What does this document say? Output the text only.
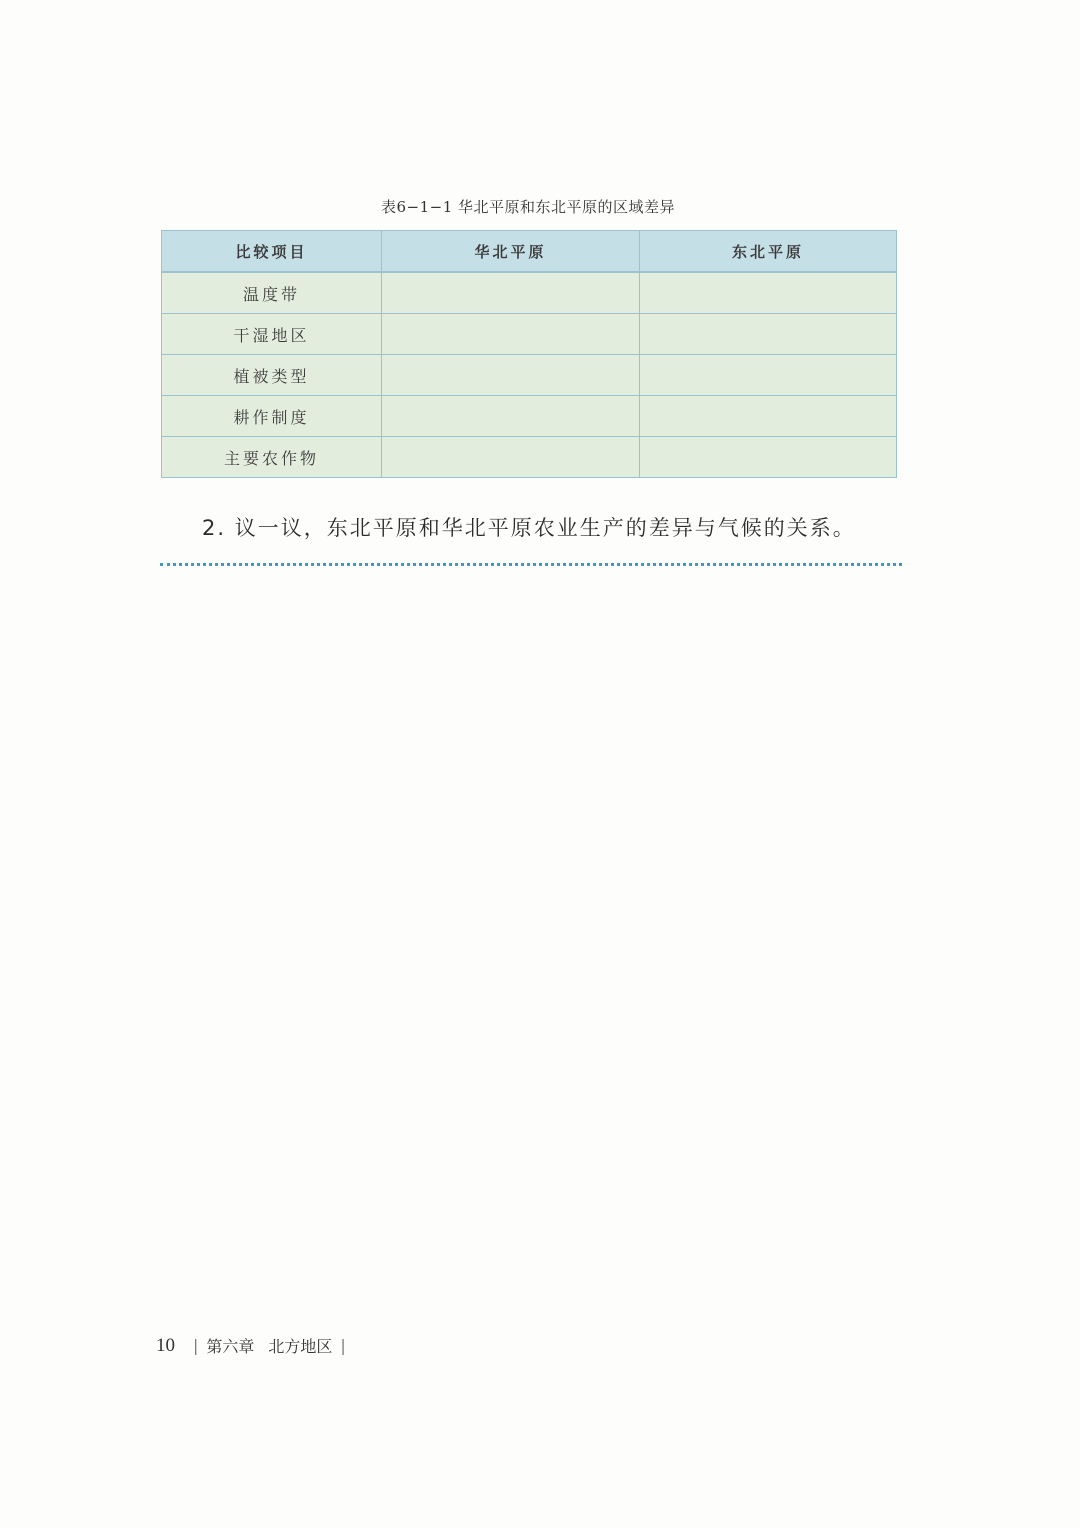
表6−1−1 华北平原和东北平原的区域差异
比较项目	华北平原	东北平原
温度带		
干湿地区		
植被类型		
耕作制度		
主要农作物		
2. 议一议，东北平原和华北平原农业生产的差异与气候的关系。
10 | 第六章 北方地区 |
